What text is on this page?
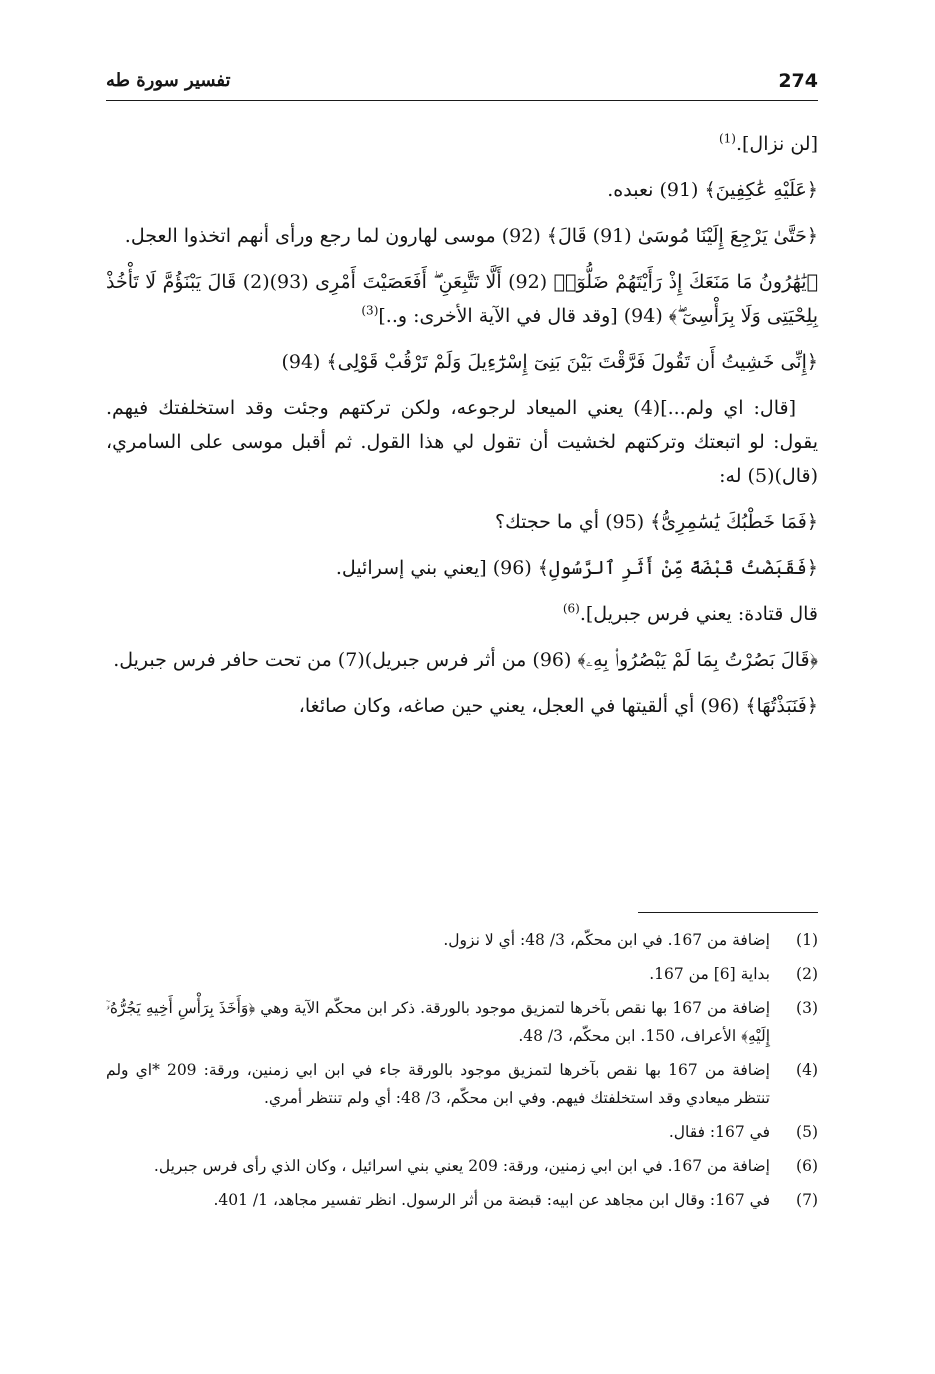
274
تفسير سورة طه

[لن نزال].$^{(1)}$

﴿عَلَيْهِ عَٰكِفِينَ﴾ (91) نعبده.

﴿حَتَّىٰ يَرْجِعَ إِلَيْنَا مُوسَىٰ (91) قَالَ﴾ (92) موسى لهارون لما رجع ورأى أنهم اتخذوا العجل.

﴿يَٰهَٰرُونُ مَا مَنَعَكَ إِذْ رَأَيْتَهُمْ ضَلُّوٓا۟ (92) أَلَّا تَتَّبِعَنِ ۖ أَفَعَصَيْتَ أَمْرِى (93)(2) قَالَ يَبْنَؤُمَّ لَا تَأْخُذْ بِلِحْيَتِى وَلَا بِرَأْسِىٓ ۖ﴾ (94) [وقد قال في الآية الأخرى: و..]$^{(3)}$

﴿إِنِّى خَشِيتُ أَن تَقُولَ فَرَّقْتَ بَيْنَ بَنِىٓ إِسْرَٰٓءِيلَ وَلَمْ تَرْقُبْ قَوْلِى﴾ (94)

[قال: اي ولم...](4) يعني الميعاد لرجوعه، ولكن تركتهم وجئت وقد استخلفتك فيهم. يقول: لو اتبعتك وتركتهم لخشيت أن تقول لي هذا القول. ثم أقبل موسى على السامري، (قال)(5) له:

﴿فَمَا خَطْبُكَ يَٰسَٰمِرِىُّ﴾ (95) أي ما حجتك؟

﴿فَقَبَضْتُ قَبْضَةً مِّنْ أَثَرِ ٱلرَّسُولِ﴾ (96) [يعني بني إسرائيل.

قال قتادة: يعني فرس جبريل].$^{(6)}$

﴿قَالَ بَصُرْتُ بِمَا لَمْ يَبْصُرُوا۟ بِهِۦ﴾ (96) من أثر فرس جبريل)(7) من تحت حافر فرس جبريل.

﴿فَنَبَذْتُهَا﴾ (96) أي ألقيتها في العجل، يعني حين صاغه، وكان صائغا،

(1)
إضافة من 167. في ابن محكّم، 3/ 48: أي لا نزول.
(2)
بداية [6] من 167.
(3)
إضافة من 167 بها نقص بآخرها لتمزيق موجود بالورقة. ذكر ابن محكّم الآية وهي ﴿وَأَخَذَ بِرَأْسِ أَخِيهِ يَجُرُّهُۥٓ إِلَيْهِ﴾ الأعراف، 150. ابن محكّم، 3/ 48.
(4)
إضافة من 167 بها نقص بآخرها لتمزيق موجود بالورقة جاء في ابن ابي زمنين، ورقة: 209 *اي ولم تنتظر ميعادي وقد استخلفتك فيهم. وفي ابن محكّم، 3/ 48: أي ولم تنتظر أمري.
(5)
في 167: فقال.
(6)
إضافة من 167. في ابن ابي زمنين، ورقة: 209 يعني بني اسرائيل ، وكان الذي رأى فرس جبريل.
(7)
في 167: وقال ابن مجاهد عن ابيه: قبضة من أثر الرسول. انظر تفسير مجاهد، 1/ 401.
